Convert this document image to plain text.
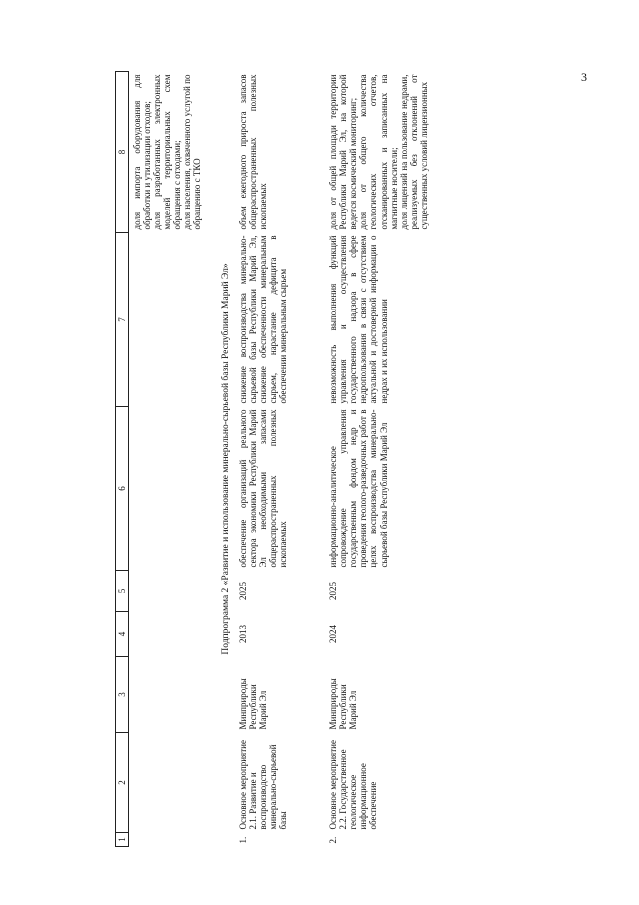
3
1	2	3	4	5	6	7	8
							доля импорта оборудования для обработки и утилизации отходов;
доля разработанных электронных моделей территориальных схем обращения с отходами;
доля населения, охваченного услугой по обращению с ТКО
Подпрограмма 2 «Развитие и использование минерально-сырьевой базы Республики Марий Эл»							
1.	Основное мероприятие 2.1. Развитие и воспроизводство минерально-сырьевой базы	Минприроды Республики Марий Эл	2013	2025	обеспечение организаций реального сектора экономики Республики Марий Эл необходимыми запасами общераспространенных полезных ископаемых	снижение воспроизводства минерально-сырьевой базы Республики Марий Эл, снижение обеспеченности минеральным сырьем, нарастание дефицита в обеспечении минеральным сырьем	объем ежегодного прироста запасов общераспространенных полезных ископаемых
2.	Основное мероприятие 2.2. Государственное геологическое информационное обеспечение	Минприроды Республики Марий Эл	2024	2025	информационно-аналитическое сопровождение управления государственным фондом недр и проведения геолого-разведочных работ в целях воспроизводства минерально-сырьевой базы Республики Марий Эл	невозможность выполнения функций управления и осуществления государственного надзора в сфере недропользования в связи с отсутствием актуальной и достоверной информации о недрах и их использовании	доля от общей площади территории Республики Марий Эл, на которой ведется космический мониторинг;
доля от общего количества геологических отчетов, отсканированных и записанных на магнитные носители;
доля лицензий на пользование недрами, реализуемых без отклонений от существенных условий лицензионных
